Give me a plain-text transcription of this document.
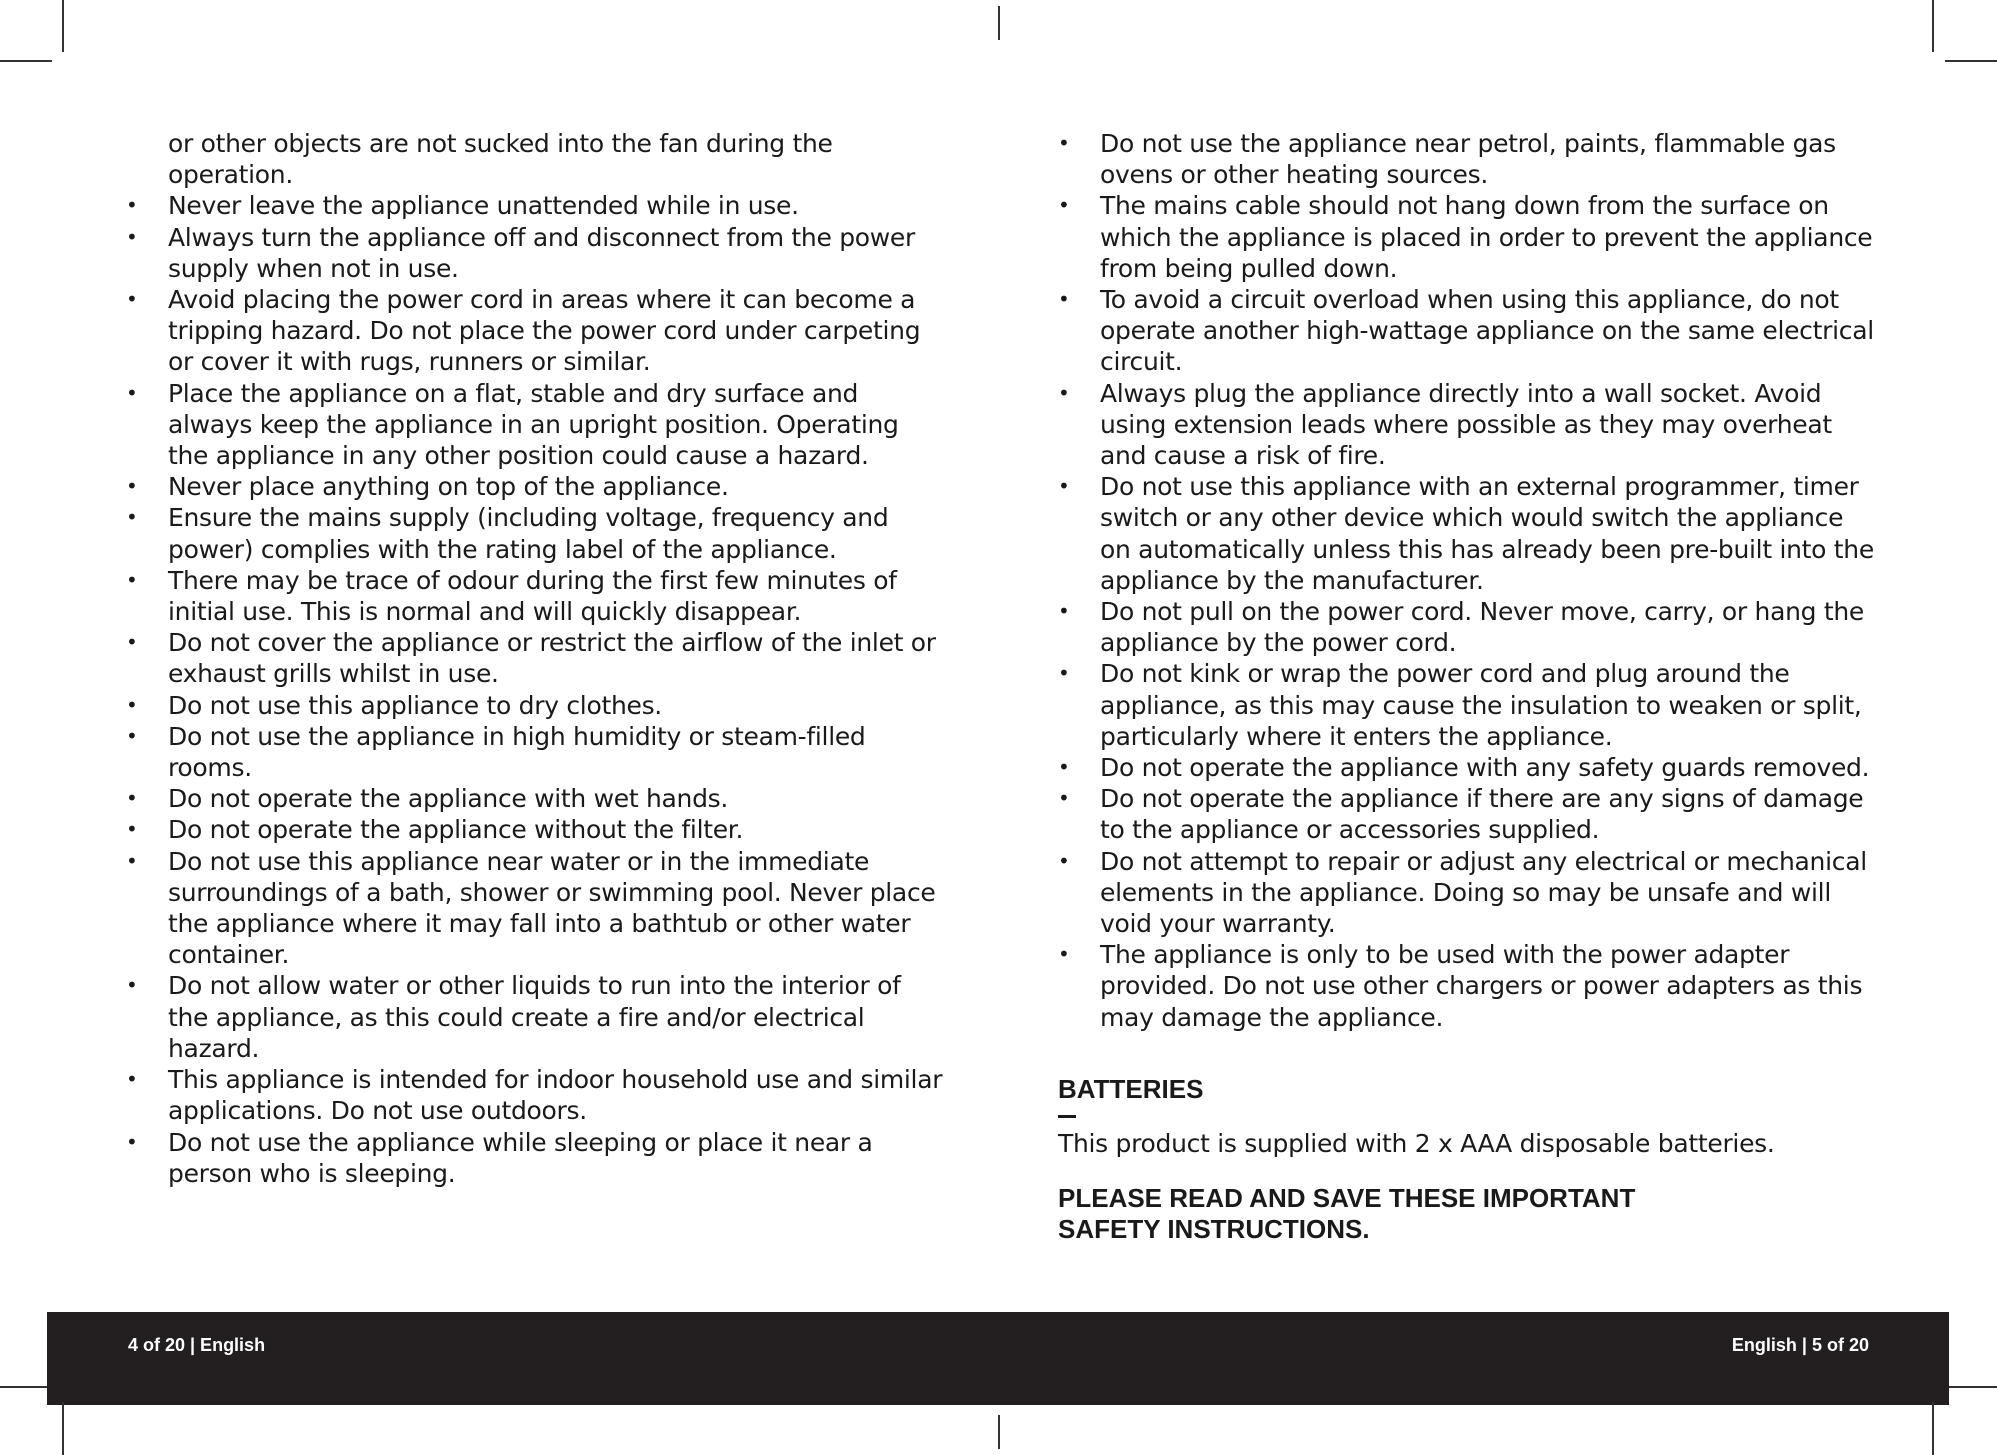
or other objects are not sucked into the fan during the operation.
• Never leave the appliance unattended while in use.
• Always turn the appliance off and disconnect from the power supply when not in use.
• Avoid placing the power cord in areas where it can become a tripping hazard. Do not place the power cord under carpeting or cover it with rugs, runners or similar.
• Place the appliance on a flat, stable and dry surface and always keep the appliance in an upright position. Operating the appliance in any other position could cause a hazard.
• Never place anything on top of the appliance.
• Ensure the mains supply (including voltage, frequency and power) complies with the rating label of the appliance.
• There may be trace of odour during the first few minutes of initial use. This is normal and will quickly disappear.
• Do not cover the appliance or restrict the airflow of the inlet or exhaust grills whilst in use.
• Do not use this appliance to dry clothes.
• Do not use the appliance in high humidity or steam-filled rooms.
• Do not operate the appliance with wet hands.
• Do not operate the appliance without the filter.
• Do not use this appliance near water or in the immediate surroundings of a bath, shower or swimming pool. Never place the appliance where it may fall into a bathtub or other water container.
• Do not allow water or other liquids to run into the interior of the appliance, as this could create a fire and/or electrical hazard.
• This appliance is intended for indoor household use and similar applications. Do not use outdoors.
• Do not use the appliance while sleeping or place it near a person who is sleeping.
• Do not use the appliance near petrol, paints, flammable gas ovens or other heating sources.
• The mains cable should not hang down from the surface on which the appliance is placed in order to prevent the appliance from being pulled down.
• To avoid a circuit overload when using this appliance, do not operate another high-wattage appliance on the same electrical circuit.
• Always plug the appliance directly into a wall socket. Avoid using extension leads where possible as they may overheat and cause a risk of fire.
• Do not use this appliance with an external programmer, timer switch or any other device which would switch the appliance on automatically unless this has already been pre-built into the appliance by the manufacturer.
• Do not pull on the power cord. Never move, carry, or hang the appliance by the power cord.
• Do not kink or wrap the power cord and plug around the appliance, as this may cause the insulation to weaken or split, particularly where it enters the appliance.
• Do not operate the appliance with any safety guards removed.
• Do not operate the appliance if there are any signs of damage to the appliance or accessories supplied.
• Do not attempt to repair or adjust any electrical or mechanical elements in the appliance. Doing so may be unsafe and will void your warranty.
• The appliance is only to be used with the power adapter provided. Do not use other chargers or power adapters as this may damage the appliance.
BATTERIES
This product is supplied with 2 x AAA disposable batteries.
PLEASE READ AND SAVE THESE IMPORTANT SAFETY INSTRUCTIONS.
4 of 20 | English	English | 5 of 20
